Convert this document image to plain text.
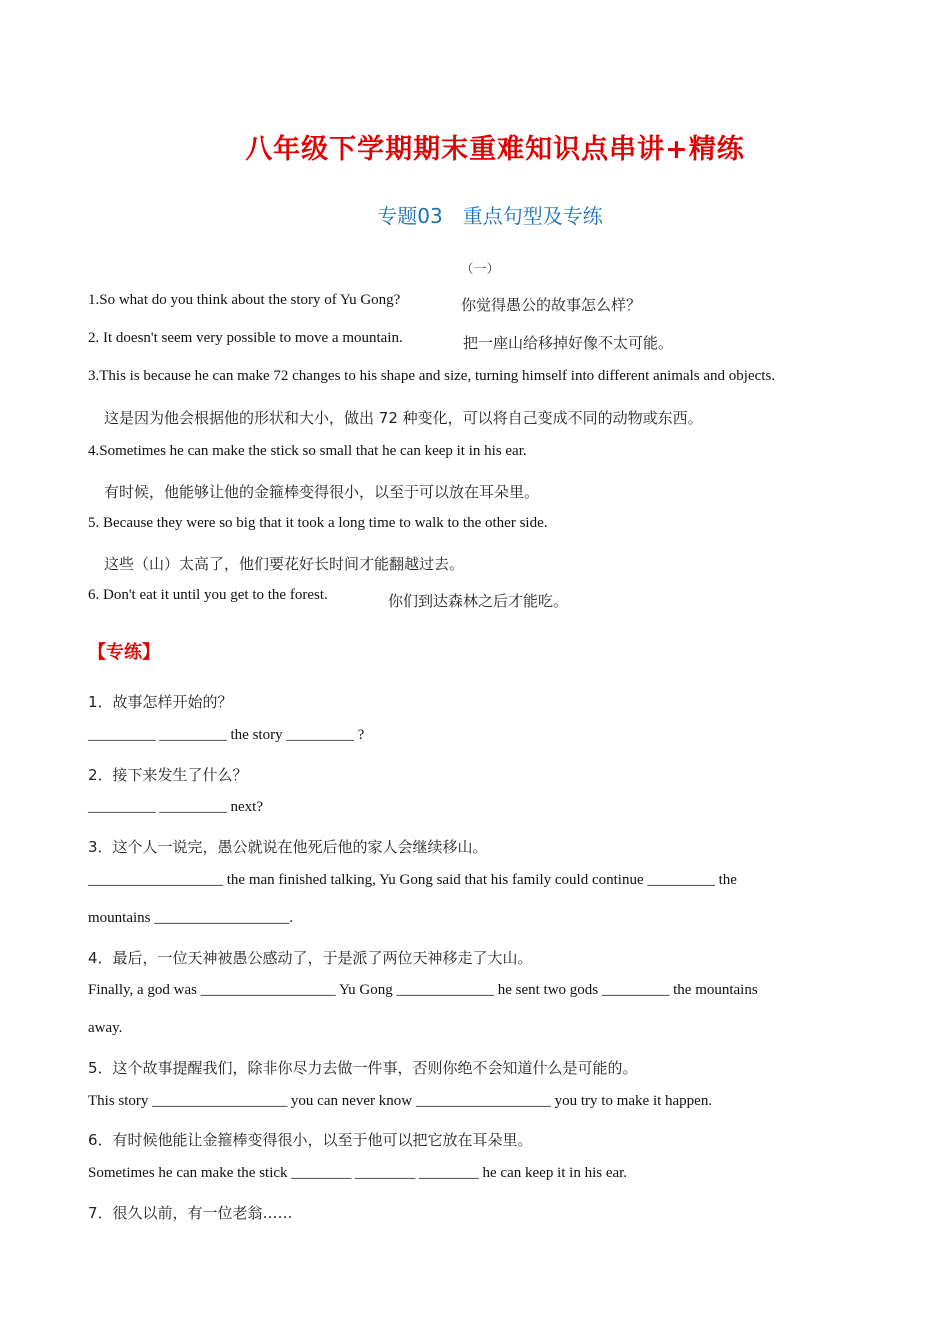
八年级下学期期末重难知识点串讲+精练
专题03　重点句型及专练
（一）
1.So what do you think about the story of Yu Gong?	你觉得愚公的故事怎么样？
2. It doesn't seem very possible to move a mountain.	把一座山给移掉好像不太可能。
3.This is because he can make 72 changes to his shape and size, turning himself into different animals and objects.
这是因为他会根据他的形状和大小，做出 72 种变化，可以将自己变成不同的动物或东西。
4.Sometimes he can make the stick so small that he can keep it in his ear.
有时候，他能够让他的金箍棒变得很小，以至于可以放在耳朵里。
5. Because they were so big that it took a long time to walk to the other side.
这些（山）太高了，他们要花好长时间才能翻越过去。
6. Don't eat it until you get to the forest.	你们到达森林之后才能吃。
【专练】
1．故事怎样开始的？
_________ _________ the story _________ ?
2．接下来发生了什么？
_________ _________ next?
3．这个人一说完，愚公就说在他死后他的家人会继续移山。
__________________ the man finished talking, Yu Gong said that his family could continue _________ the
mountains __________________.
4．最后，一位天神被愚公感动了，于是派了两位天神移走了大山。
Finally, a god was __________________ Yu Gong _____________ he sent two gods _________ the mountains
away.
5．这个故事提醒我们，除非你尽力去做一件事，否则你绝不会知道什么是可能的。
This story __________________ you can never know __________________ you try to make it happen.
6．有时候他能让金箍棒变得很小，以至于他可以把它放在耳朵里。
Sometimes he can make the stick ________ ________ ________ he can keep it in his ear.
7．很久以前，有一位老翁……
